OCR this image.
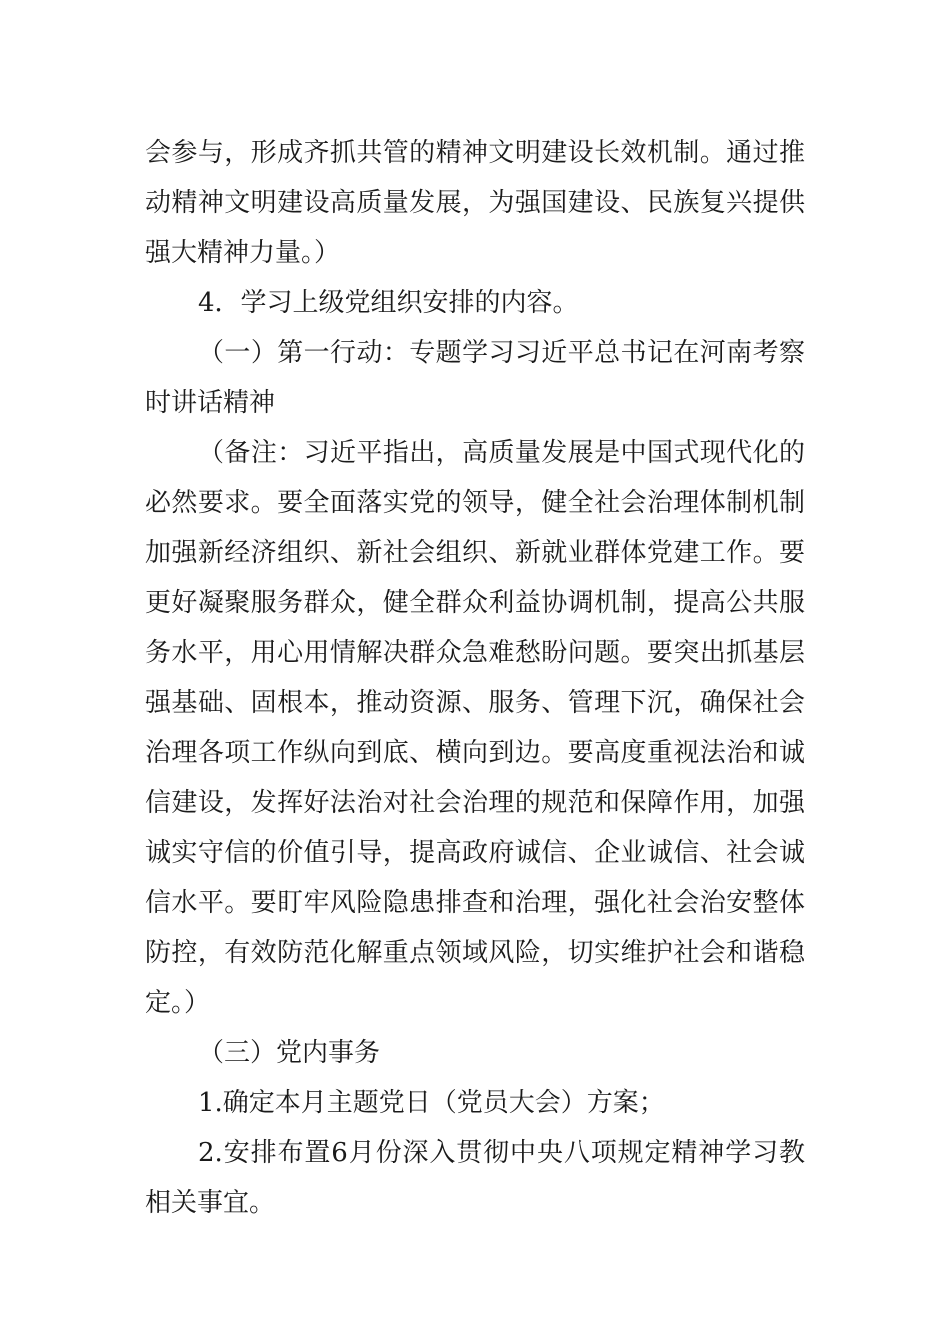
会参与，形成齐抓共管的精神文明建设长效机制。通过推
动精神文明建设高质量发展，为强国建设、民族复兴提供
强大精神力量。）
4．学习上级党组织安排的内容。
（一）第一行动：专题学习习近平总书记在河南考察
时讲话精神
（备注：习近平指出，高质量发展是中国式现代化的
必然要求。要全面落实党的领导，健全社会治理体制机制
加强新经济组织、新社会组织、新就业群体党建工作。要
更好凝聚服务群众，健全群众利益协调机制，提高公共服
务水平，用心用情解决群众急难愁盼问题。要突出抓基层
强基础、固根本，推动资源、服务、管理下沉，确保社会
治理各项工作纵向到底、横向到边。要高度重视法治和诚
信建设，发挥好法治对社会治理的规范和保障作用，加强
诚实守信的价值引导，提高政府诚信、企业诚信、社会诚
信水平。要盯牢风险隐患排查和治理，强化社会治安整体
防控，有效防范化解重点领域风险，切实维护社会和谐稳
定。）
（三）党内事务
1.确定本月主题党日（党员大会）方案；
2.安排布置6月份深入贯彻中央八项规定精神学习教
相关事宜。
